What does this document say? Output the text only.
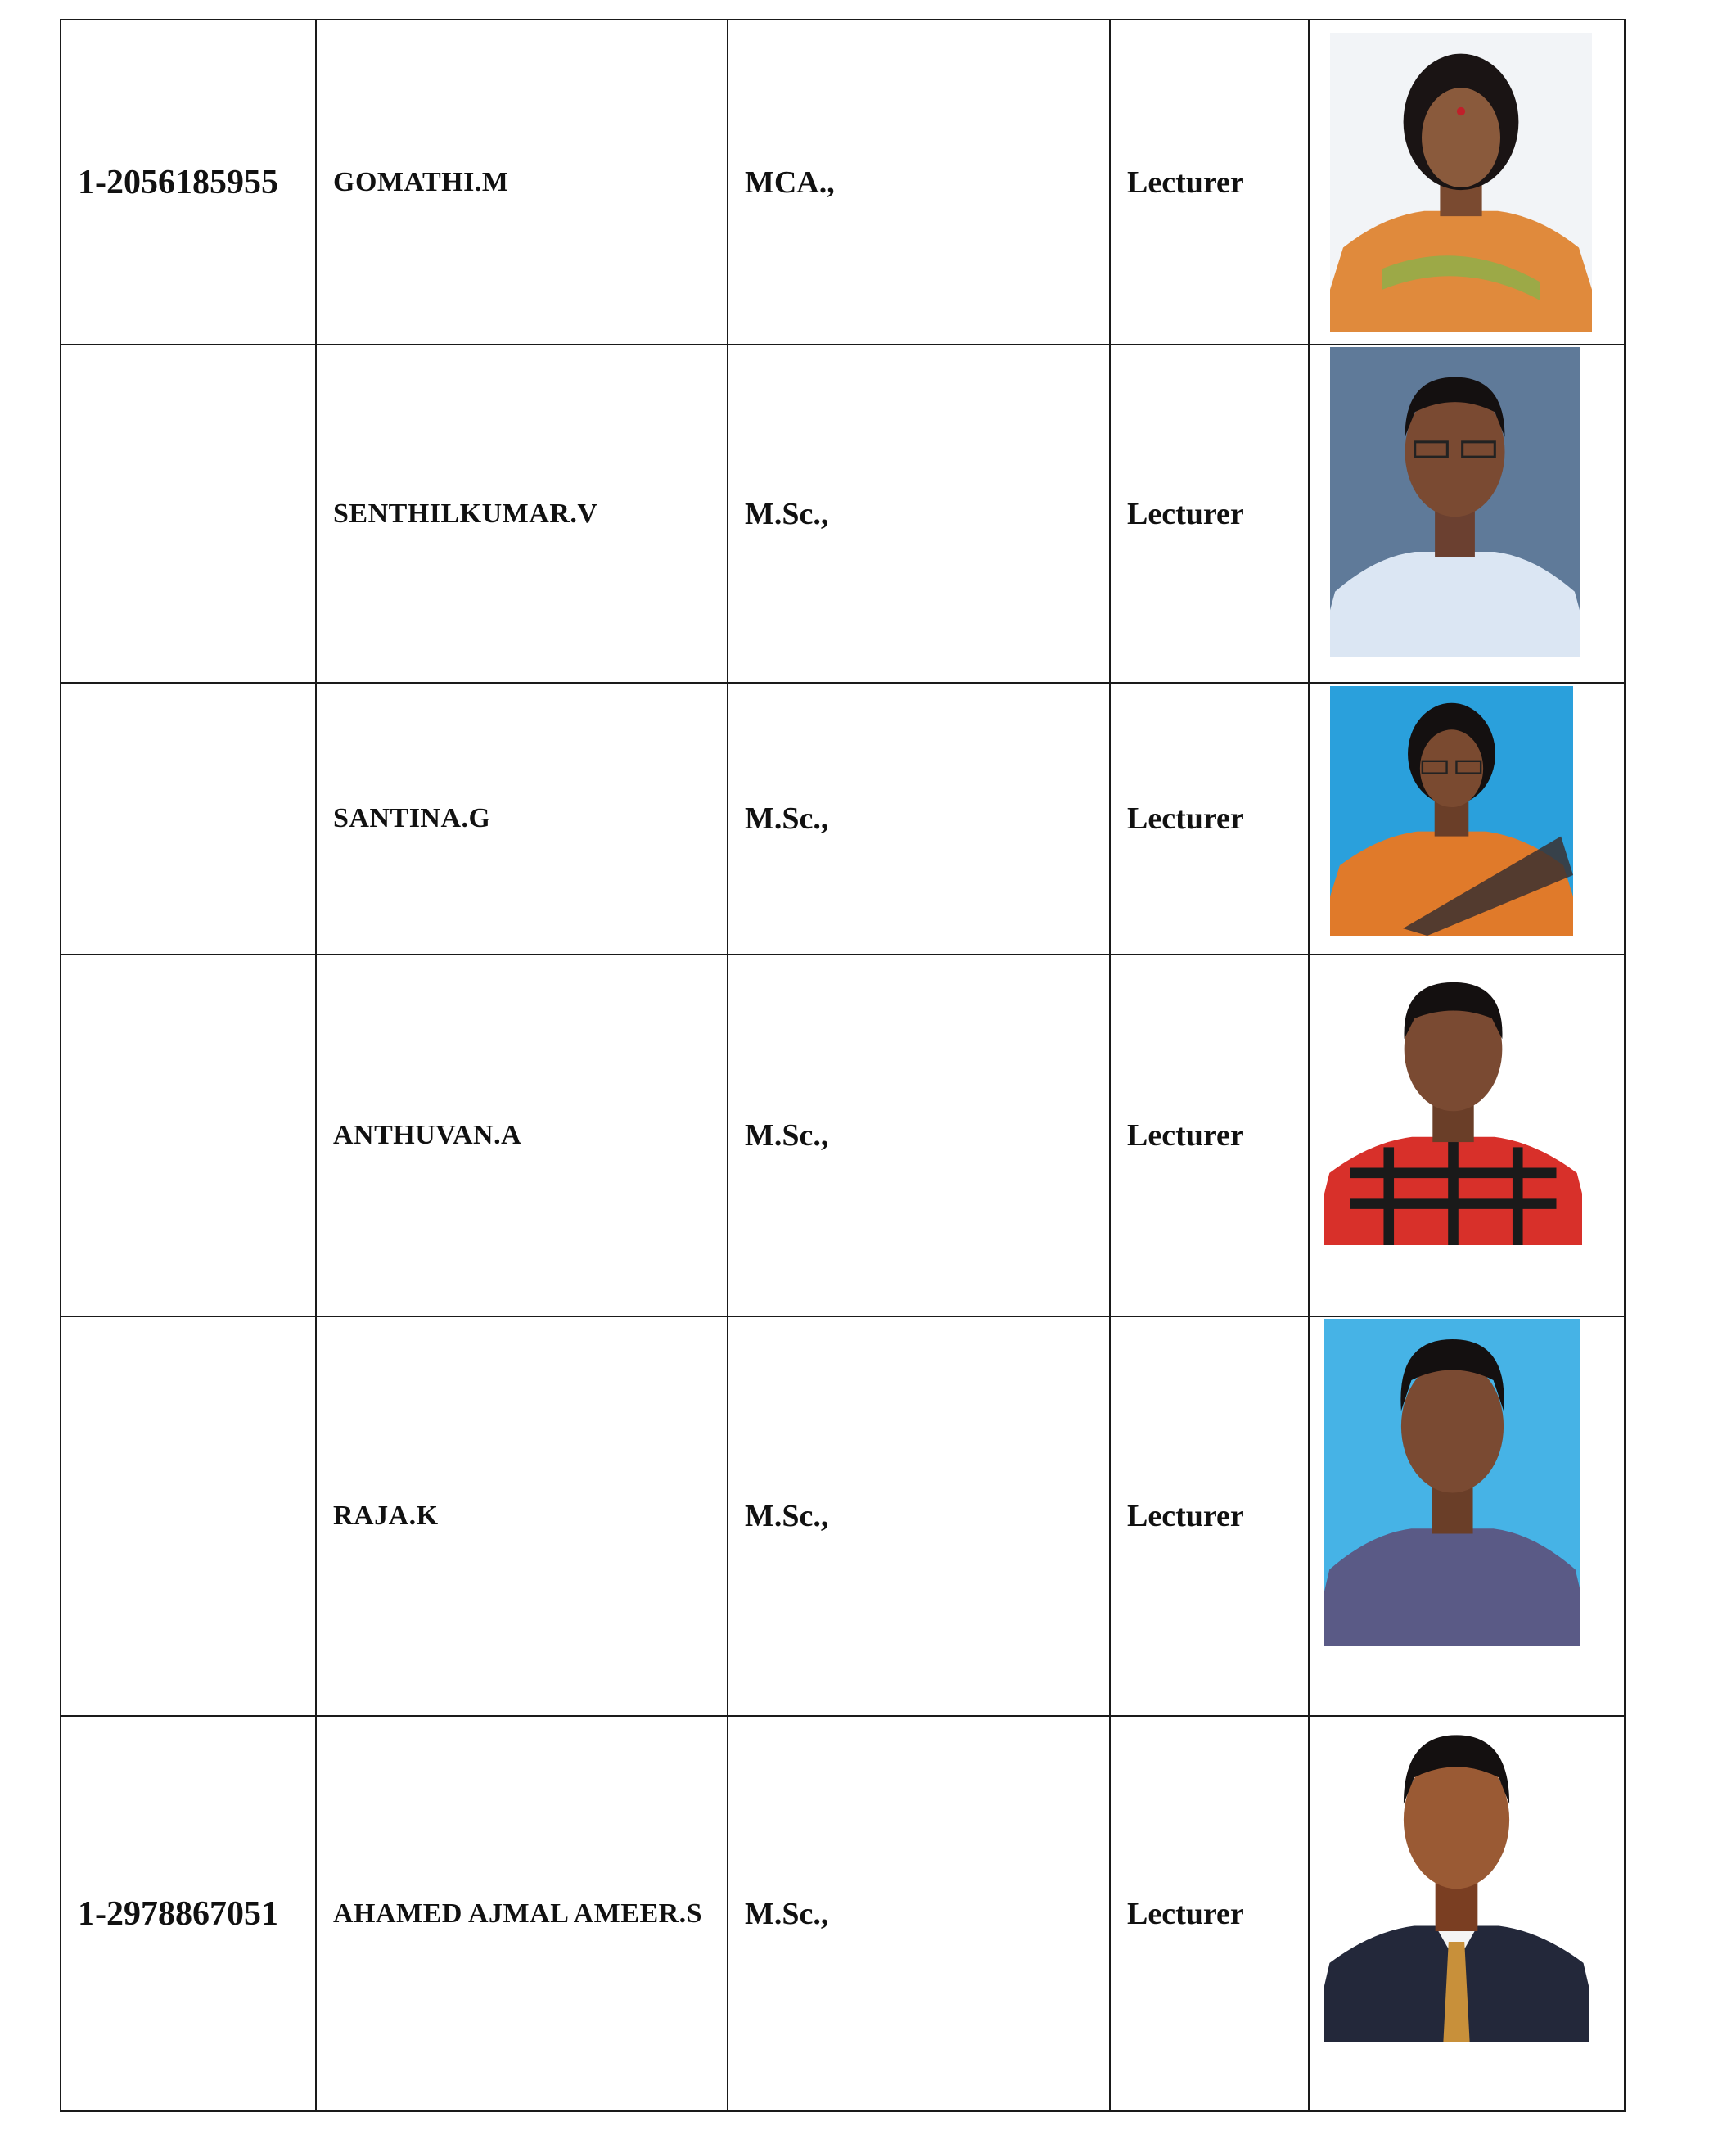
1-2056185955	GOMATHI.M	MCA.,	Lecturer	

	SENTHILKUMAR.V	M.Sc.,	Lecturer	

	SANTINA.G	M.Sc.,	Lecturer	

	ANTHUVAN.A	M.Sc.,	Lecturer	

	RAJA.K	M.Sc.,	Lecturer	

1-2978867051	AHAMED AJMAL AMEER.S	M.Sc.,	Lecturer	
